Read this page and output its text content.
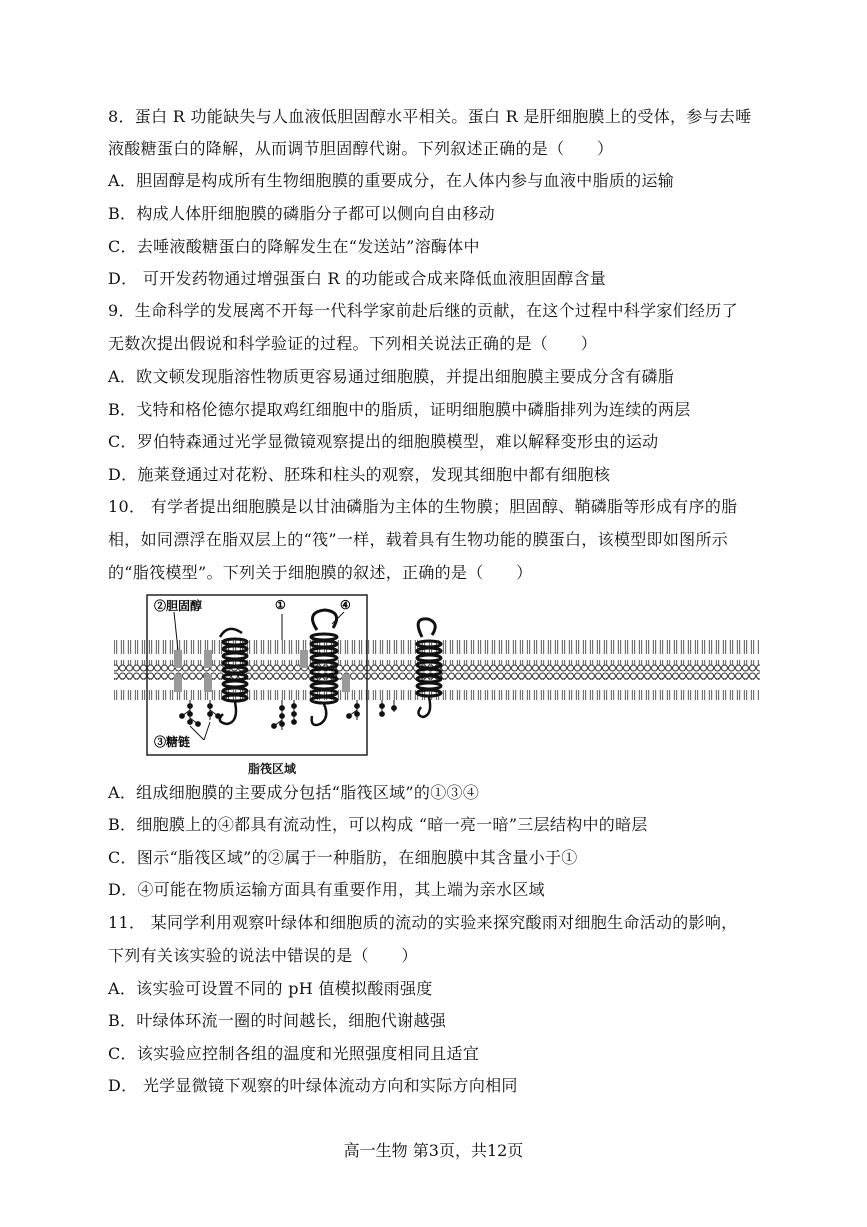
8．蛋白 R 功能缺失与人血液低胆固醇水平相关。蛋白 R 是肝细胞膜上的受体，参与去唾
液酸糖蛋白的降解，从而调节胆固醇代谢。下列叙述正确的是（　　）
A．胆固醇是构成所有生物细胞膜的重要成分，在人体内参与血液中脂质的运输
B．构成人体肝细胞膜的磷脂分子都可以侧向自由移动
C．去唾液酸糖蛋白的降解发生在“发送站”溶酶体中
D． 可开发药物通过增强蛋白 R 的功能或合成来降低血液胆固醇含量
9．生命科学的发展离不开每一代科学家前赴后继的贡献，在这个过程中科学家们经历了
无数次提出假说和科学验证的过程。下列相关说法正确的是（　　）
A．欧文顿发现脂溶性物质更容易通过细胞膜，并提出细胞膜主要成分含有磷脂
B．戈特和格伦德尔提取鸡红细胞中的脂质，证明细胞膜中磷脂排列为连续的两层
C．罗伯特森通过光学显微镜观察提出的细胞膜模型，难以解释变形虫的运动
D．施莱登通过对花粉、胚珠和柱头的观察，发现其细胞中都有细胞核
10． 有学者提出细胞膜是以甘油磷脂为主体的生物膜；胆固醇、鞘磷脂等形成有序的脂
相，如同漂浮在脂双层上的“筏”一样，载着具有生物功能的膜蛋白，该模型即如图所示
的“脂筏模型”。下列关于细胞膜的叙述，正确的是（　　）
②胆固醇	①	④
③糖链
脂筏区域
A．组成细胞膜的主要成分包括“脂筏区域”的①③④
B．细胞膜上的④都具有流动性，可以构成 “暗一亮一暗”三层结构中的暗层
C．图示“脂筏区域”的②属于一种脂肪，在细胞膜中其含量小于①
D．④可能在物质运输方面具有重要作用，其上端为亲水区域
11． 某同学利用观察叶绿体和细胞质的流动的实验来探究酸雨对细胞生命活动的影响，
下列有关该实验的说法中错误的是（　　）
A．该实验可设置不同的 pH 值模拟酸雨强度
B．叶绿体环流一圈的时间越长，细胞代谢越强
C．该实验应控制各组的温度和光照强度相同且适宜
D． 光学显微镜下观察的叶绿体流动方向和实际方向相同
高一生物 第3页，共12页
